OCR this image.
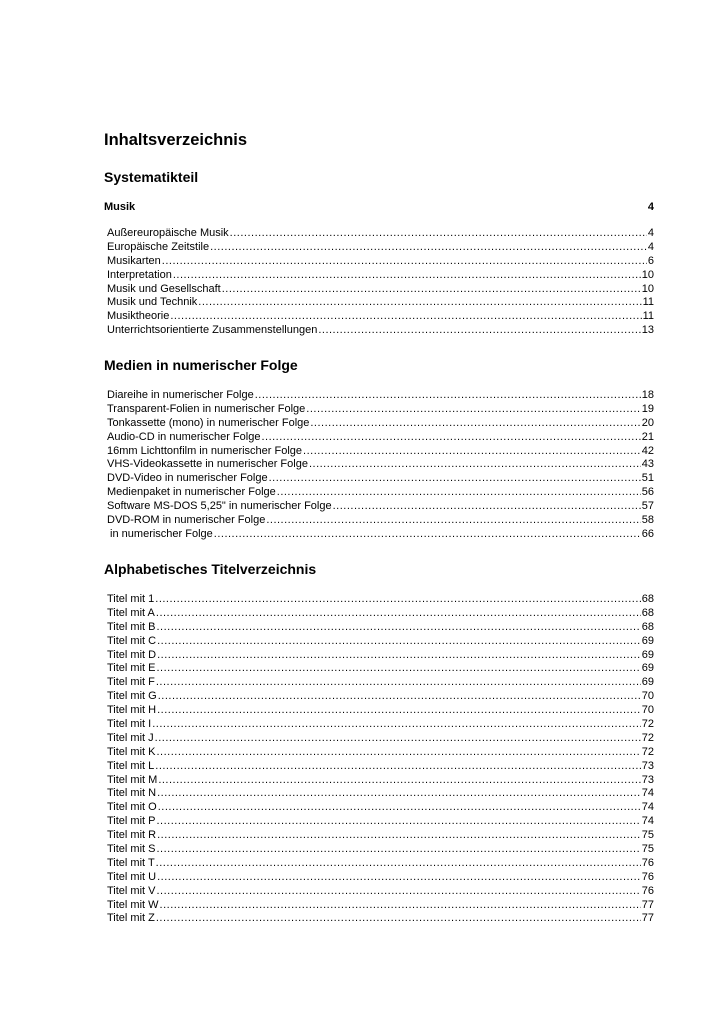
Inhaltsverzeichnis
Systematikteil
Musik	4
Außereuropäische Musik .....	4
Europäische Zeitstile .....	4
Musikarten .....	6
Interpretation .....	10
Musik und Gesellschaft .....	10
Musik und Technik .....	11
Musiktheorie .....	11
Unterrichtsorientierte Zusammenstellungen .....	13
Medien in numerischer Folge
Diareihe in numerischer Folge .....	18
Transparent-Folien in numerischer Folge .....	19
Tonkassette (mono) in numerischer Folge .....	20
Audio-CD in numerischer Folge .....	21
16mm Lichttonfilm in numerischer Folge .....	42
VHS-Videokassette in numerischer Folge .....	43
DVD-Video in numerischer Folge .....	51
Medienpaket in numerischer Folge .....	56
Software MS-DOS 5,25" in numerischer Folge .....	57
DVD-ROM in numerischer Folge .....	58
in numerischer Folge .....	66
Alphabetisches Titelverzeichnis
Titel mit 1 .....	68
Titel mit A .....	68
Titel mit B .....	68
Titel mit C .....	69
Titel mit D .....	69
Titel mit E .....	69
Titel mit F .....	69
Titel mit G .....	70
Titel mit H .....	70
Titel mit I .....	72
Titel mit J .....	72
Titel mit K .....	72
Titel mit L .....	73
Titel mit M .....	73
Titel mit N .....	74
Titel mit O .....	74
Titel mit P .....	74
Titel mit R .....	75
Titel mit S .....	75
Titel mit T .....	76
Titel mit U .....	76
Titel mit V .....	76
Titel mit W .....	77
Titel mit Z .....	77
